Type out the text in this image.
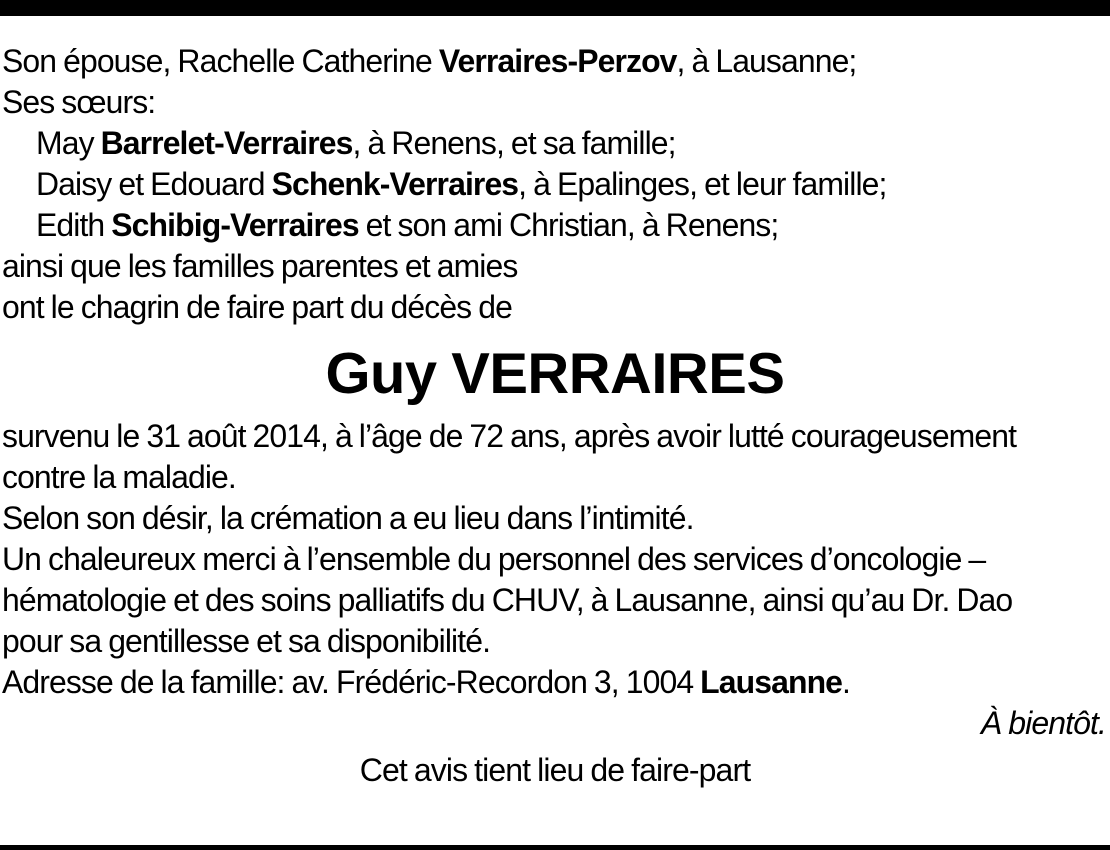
Son épouse, Rachelle Catherine Verraires-Perzov, à Lausanne;
Ses sœurs:
May Barrelet-Verraires, à Renens, et sa famille;
Daisy et Edouard Schenk-Verraires, à Epalinges, et leur famille;
Edith Schibig-Verraires et son ami Christian, à Renens;
ainsi que les familles parentes et amies
ont le chagrin de faire part du décès de
Guy VERRAIRES
survenu le 31 août 2014, à l’âge de 72 ans, après avoir lutté courageusement
contre la maladie.
Selon son désir, la crémation a eu lieu dans l’intimité.
Un chaleureux merci à l’ensemble du personnel des services d’oncologie –
hématologie et des soins palliatifs du CHUV, à Lausanne, ainsi qu’au Dr. Dao
pour sa gentillesse et sa disponibilité.
Adresse de la famille: av. Frédéric-Recordon 3, 1004 Lausanne.
À bientôt.
Cet avis tient lieu de faire-part
